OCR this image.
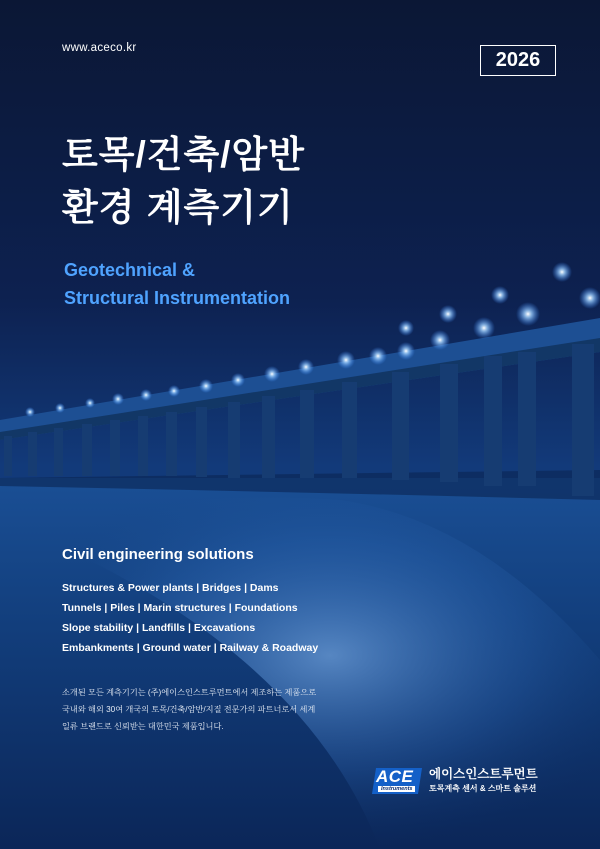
www.aceco.kr
2026
토목/건축/암반
환경 계측기기
Geotechnical &
Structural Instrumentation
Civil engineering solutions
Structures & Power plants | Bridges | Dams
Tunnels | Piles | Marin structures | Foundations
Slope stability | Landfills | Excavations
Embankments | Ground water | Railway & Roadway
소개된 모든 계측기기는 (주)에이스인스트루먼트에서 제조하는 제품으로
국내와 해외 30여 개국의 토목/건축/암반/지질 전문가의 파트너로서 세계
일류 브랜드로 신뢰받는 대한민국 제품입니다.
ACE
Instruments
에이스인스트루먼트
토목계측 센서 & 스마트 솔루션
